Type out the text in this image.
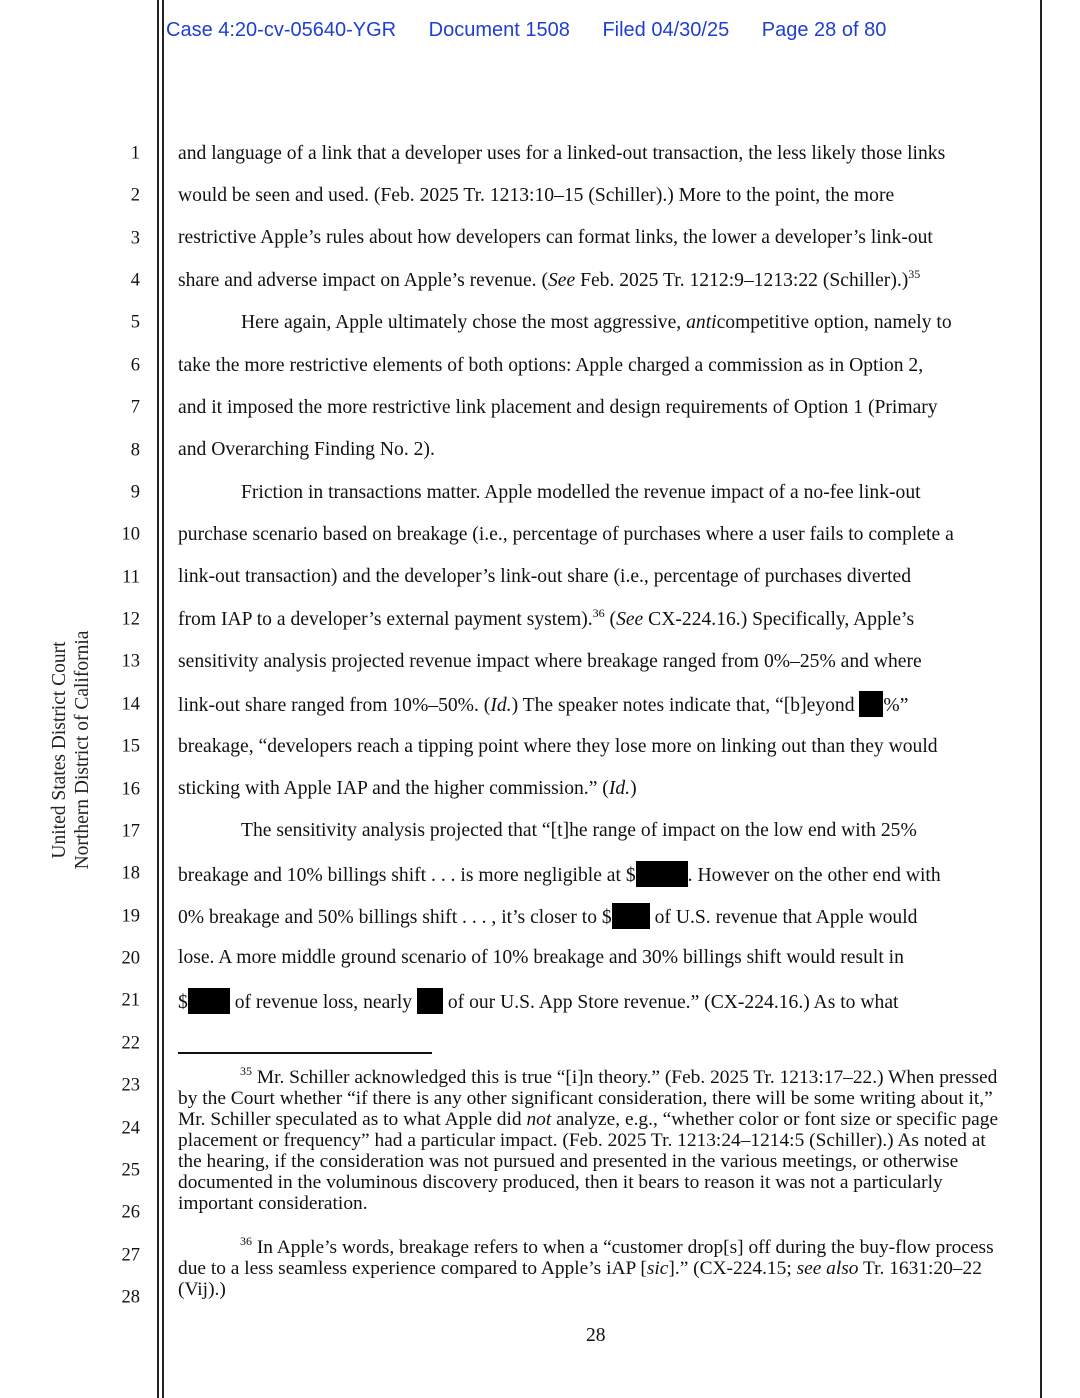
Case 4:20-cv-05640-YGR Document 1508 Filed 04/30/25 Page 28 of 80
United States District Court Northern District of California
1
2
3
4
5
6
7
8
9
10
11
12
13
14
15
16
17
18
19
20
21
22
23
24
25
26
27
28
and language of a link that a developer uses for a linked-out transaction, the less likely those links
would be seen and used. (Feb. 2025 Tr. 1213:10–15 (Schiller).) More to the point, the more
restrictive Apple’s rules about how developers can format links, the lower a developer’s link-out
share and adverse impact on Apple’s revenue. (See Feb. 2025 Tr. 1212:9–1213:22 (Schiller).)$^{35}$
Here again, Apple ultimately chose the most aggressive, anticompetitive option, namely to
take the more restrictive elements of both options: Apple charged a commission as in Option 2,
and it imposed the more restrictive link placement and design requirements of Option 1 (Primary
and Overarching Finding No. 2).
Friction in transactions matter. Apple modelled the revenue impact of a no-fee link-out
purchase scenario based on breakage (i.e., percentage of purchases where a user fails to complete a
link-out transaction) and the developer’s link-out share (i.e., percentage of purchases diverted
from IAP to a developer’s external payment system).$^{36}$ (See CX-224.16.) Specifically, Apple’s
sensitivity analysis projected revenue impact where breakage ranged from 0%–25% and where
link-out share ranged from 10%–50%. (Id.) The speaker notes indicate that, “[b]eyond %”
breakage, “developers reach a tipping point where they lose more on linking out than they would
sticking with Apple IAP and the higher commission.” (Id.)
The sensitivity analysis projected that “[t]he range of impact on the low end with 25%
breakage and 10% billings shift . . . is more negligible at $	. However on the other end with
0% breakage and 50% billings shift . . . , it’s closer to $ of U.S. revenue that Apple would
lose. A more middle ground scenario of 10% breakage and 30% billings shift would result in
$ of revenue loss, nearly  of our U.S. App Store revenue.” (CX-224.16.) As to what
$^{35}$ Mr. Schiller acknowledged this is true “[i]n theory.” (Feb. 2025 Tr. 1213:17–22.) When pressed by the Court whether “if there is any other significant consideration, there will be some writing about it,” Mr. Schiller speculated as to what Apple did not analyze, e.g., “whether color or font size or specific page placement or frequency” had a particular impact. (Feb. 2025 Tr. 1213:24–1214:5 (Schiller).) As noted at the hearing, if the consideration was not pursued and presented in the various meetings, or otherwise documented in the voluminous discovery produced, then it bears to reason it was not a particularly important consideration.
$^{36}$ In Apple’s words, breakage refers to when a “customer drop[s] off during the buy-flow process due to a less seamless experience compared to Apple’s iAP [sic].” (CX-224.15; see also Tr. 1631:20–22 (Vij).)
28
